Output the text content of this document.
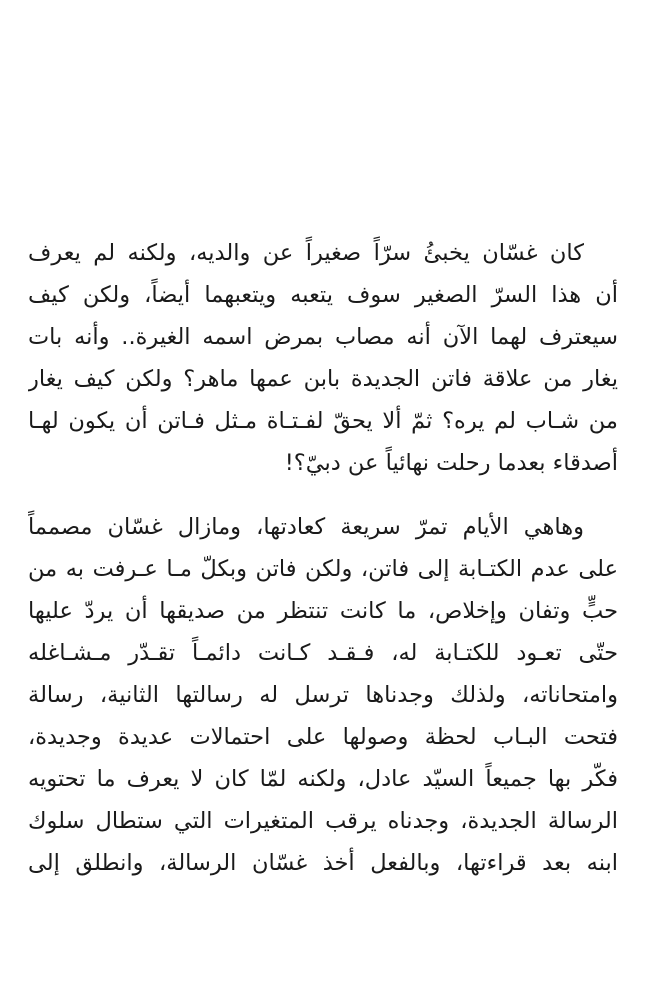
كان غسّان يخبئُ سرّاً صغيراً عن والديه، ولكنه لم يعرف
أن هذا السرّ الصغير سوف يتعبه ويتعبهما أيضاً، ولكن كيف
سيعترف لهما الآن أنه مصاب بمرض اسمه الغيرة.. وأنه بات
يغار من علاقة فاتن الجديدة بابن عمها ماهر؟ ولكن كيف يغار
من شـاب لم يره؟ ثمّ ألا يحقّ لفـتـاة مـثل فـاتن أن يكون لهـا
أصدقاء بعدما رحلت نهائياً عن دبيّ؟!
وهاهي الأيام تمرّ سريعة كعادتها، ومازال غسّان مصمماً
على عدم الكتـابة إلى فاتن، ولكن فاتن وبكلّ مـا عـرفت به من
حبٍّ وتفان وإخلاص، ما كانت تنتظر من صديقها أن يردّ عليها
حتّى تعـود للكتـابة له، فـقـد كـانت دائمـاً تقـدّر مـشـاغله
وامتحاناته، ولذلك وجدناها ترسل له رسالتها الثانية، رسالة
فتحت البـاب لحظة وصولها على احتمالات عديدة وجديدة،
فكّر بها جميعاً السيّد عادل، ولكنه لمّا كان لا يعرف ما تحتويه
الرسالة الجديدة، وجدناه يرقب المتغيرات التي ستطال سلوك
ابنه بعد قراءتها، وبالفعل أخذ غسّان الرسالة، وانطلق إلى
